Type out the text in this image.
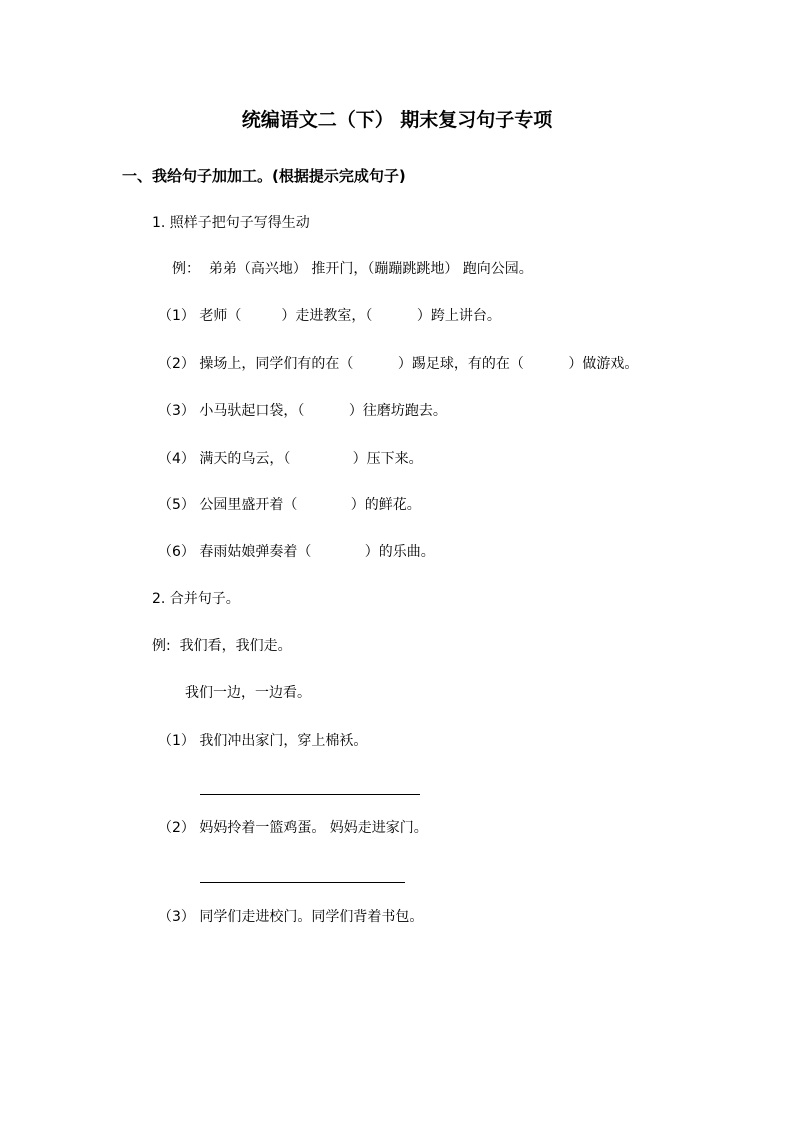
统编语文二（下） 期末复习句子专项
一、我给句子加加工。(根据提示完成句子)
1. 照样子把句子写得生动
例：  弟弟（高兴地） 推开门，（蹦蹦跳跳地） 跑向公园。
（1） 老师（         ）走进教室，（          ）跨上讲台。
（2） 操场上，同学们有的在（          ）踢足球，有的在（          ）做游戏。
（3） 小马驮起口袋，（          ）往磨坊跑去。
（4） 满天的乌云，（              ）压下来。
（5） 公园里盛开着（            ）的鲜花。
（6） 春雨姑娘弹奏着（            ）的乐曲。
2. 合并句子。
例:  我们看，我们走。
我们一边，一边看。
（1） 我们冲出家门，穿上棉袄。
（2） 妈妈拎着一篮鸡蛋。 妈妈走进家门。
（3） 同学们走进校门。同学们背着书包。
